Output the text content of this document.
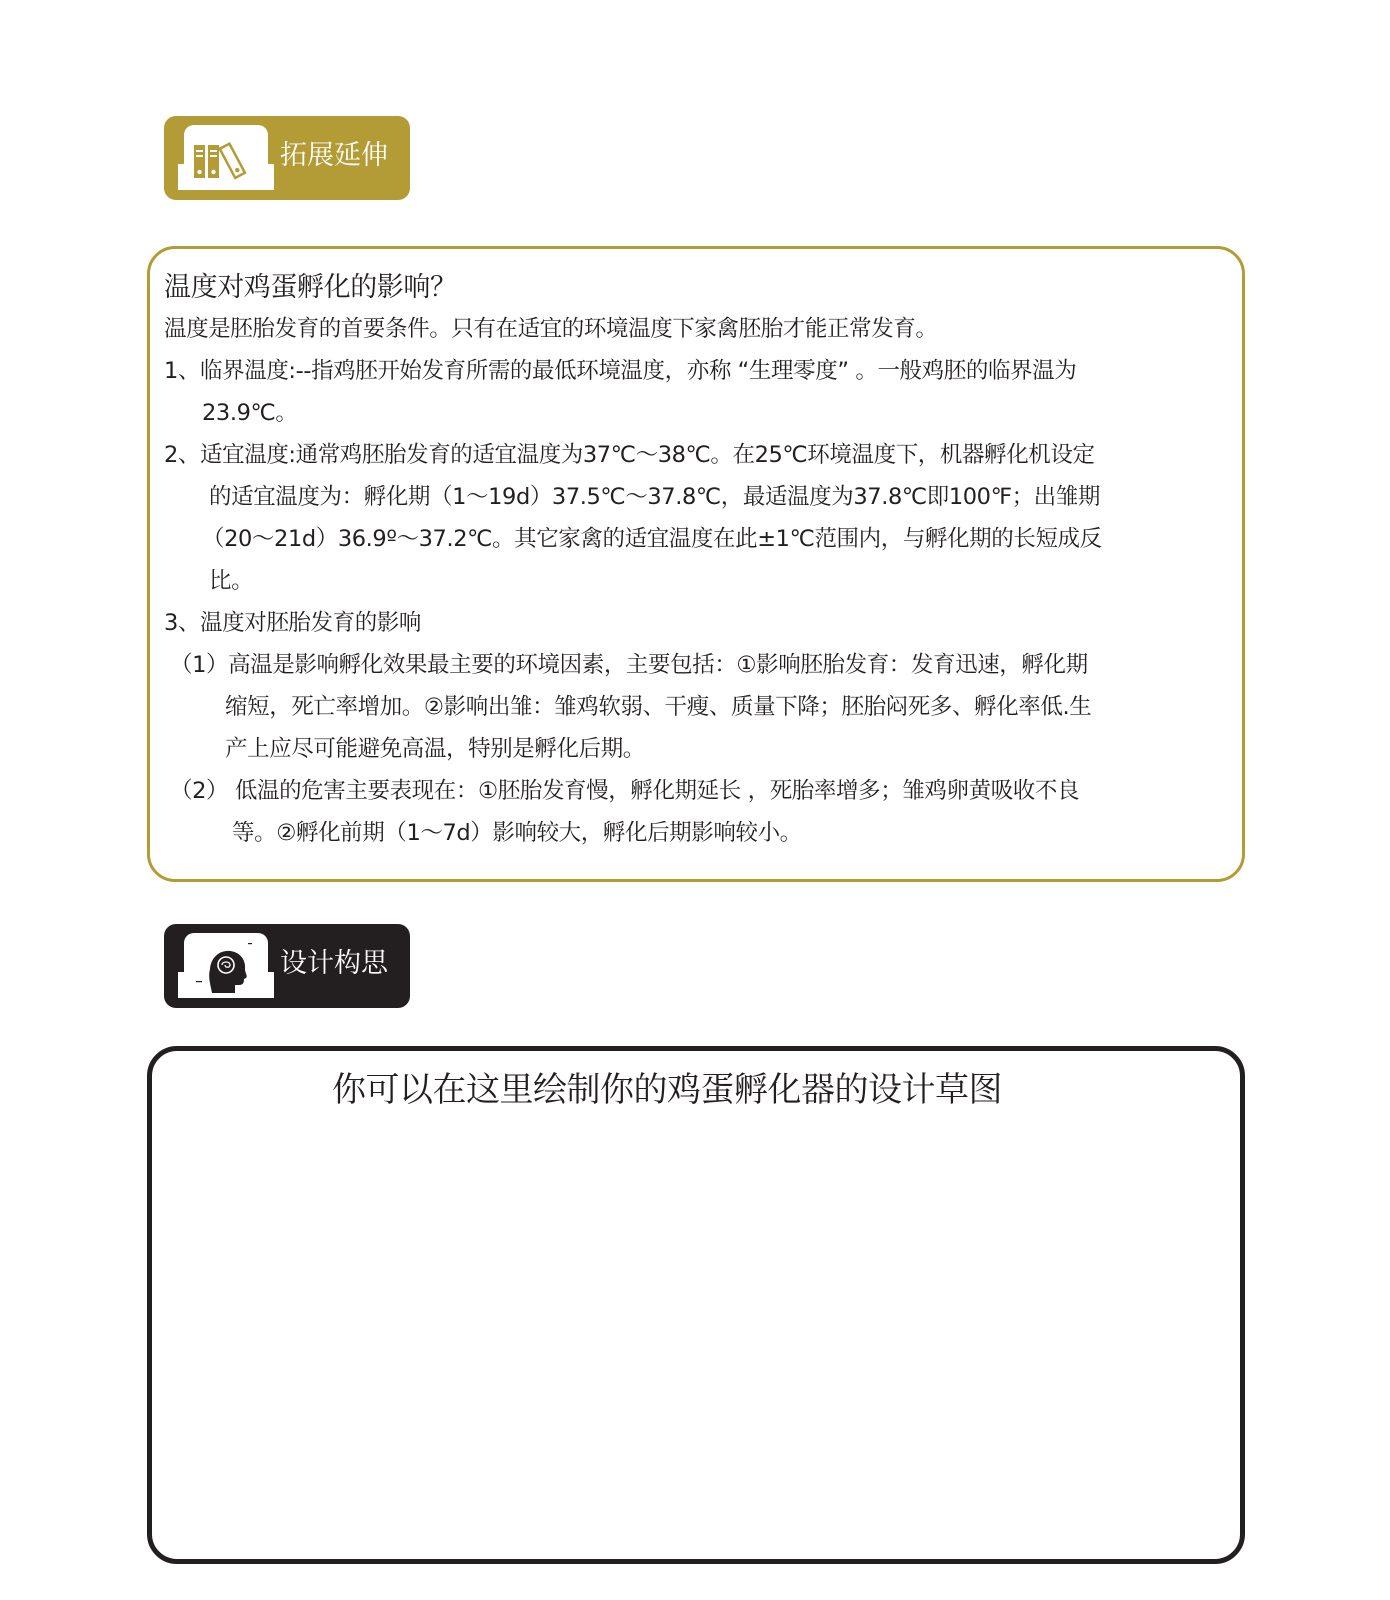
拓展延伸

温度对鸡蛋孵化的影响？

温度是胚胎发育的首要条件。只有在适宜的环境温度下家禽胚胎才能正常发育。

1、临界温度:--指鸡胚开始发育所需的最低环境温度，亦称 “生理零度” 。一般鸡胚的临界温为

23.9℃。

2、适宜温度:通常鸡胚胎发育的适宜温度为37℃～38℃。在25℃环境温度下，机器孵化机设定

的适宜温度为：孵化期（1～19d）37.5℃～37.8℃，最适温度为37.8℃即100℉；出雏期

（20～21d）36.9º～37.2℃。其它家禽的适宜温度在此±1℃范围内，与孵化期的长短成反

比。

3、温度对胚胎发育的影响

（1）高温是影响孵化效果最主要的环境因素，主要包括：①影响胚胎发育：发育迅速，孵化期

缩短，死亡率增加。②影响出雏：雏鸡软弱、干瘦、质量下降；胚胎闷死多、孵化率低.生

产上应尽可能避免高温，特别是孵化后期。

（2） 低温的危害主要表现在：①胚胎发育慢，孵化期延长 ，死胎率增多；雏鸡卵黄吸收不良

等。②孵化前期（1～7d）影响较大，孵化后期影响较小。

设计构思
你可以在这里绘制你的鸡蛋孵化器的设计草图
